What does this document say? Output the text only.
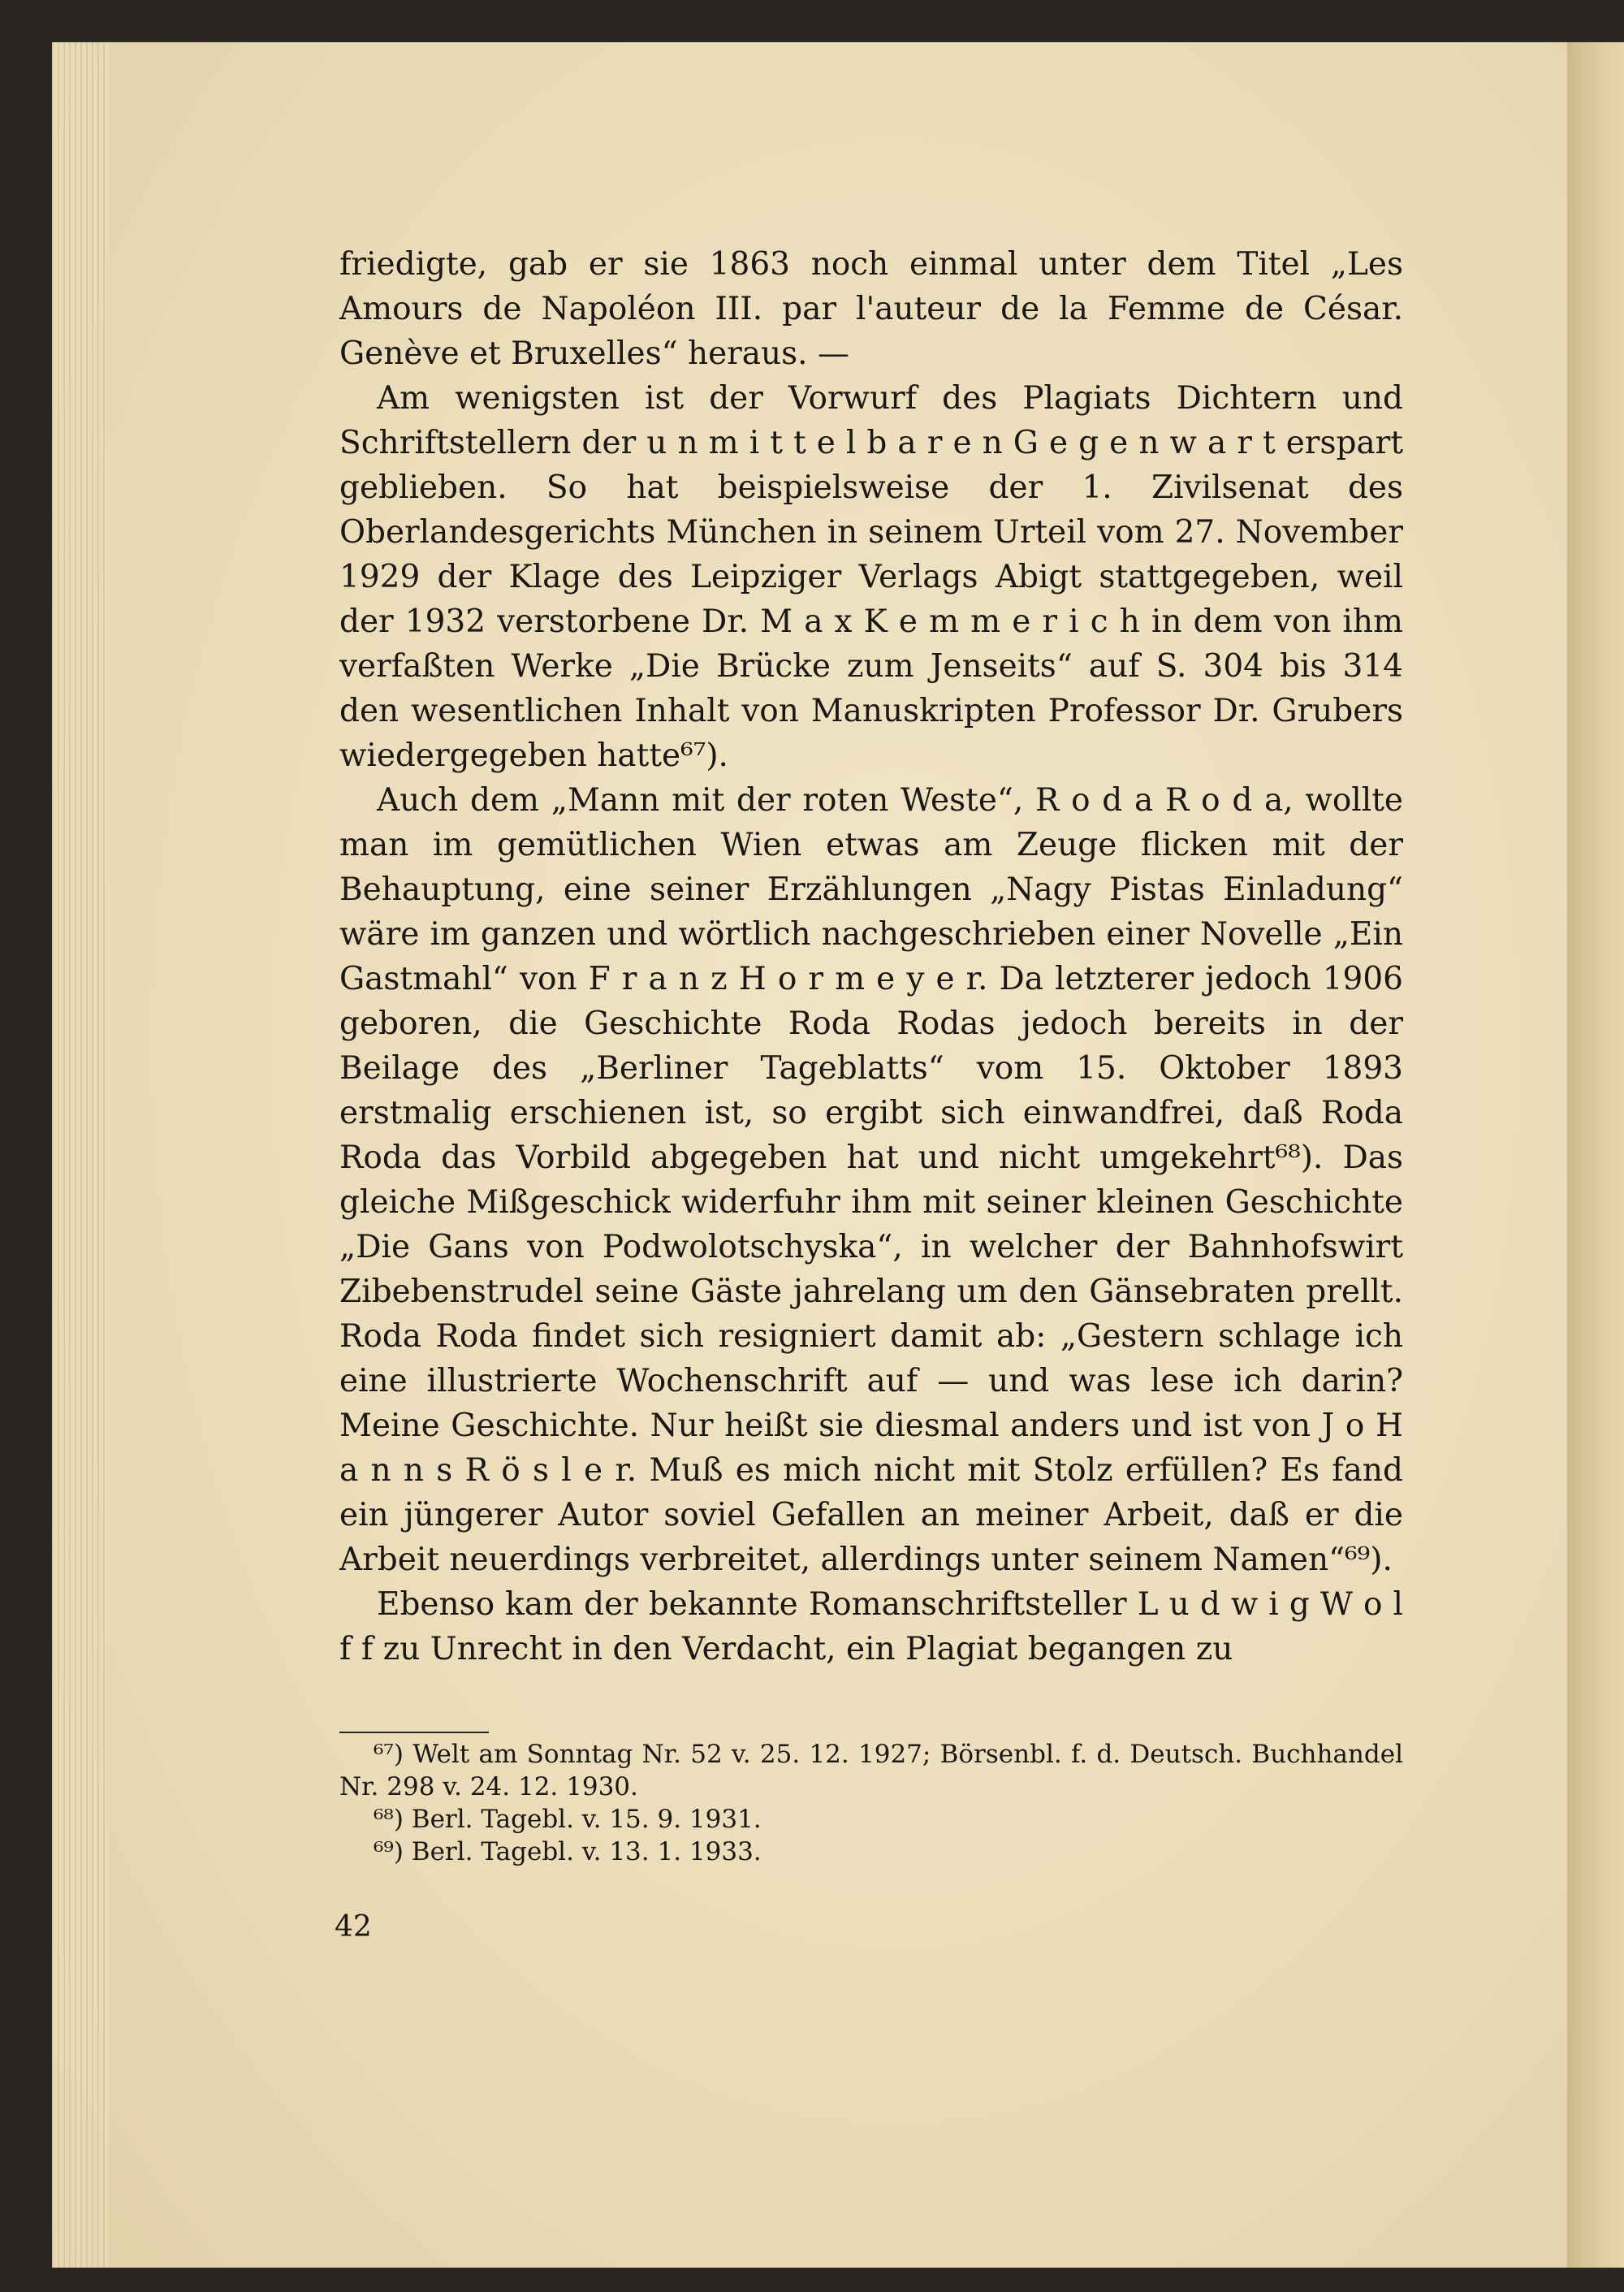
friedigte, gab er sie 1863 noch einmal unter dem Titel „Les Amours de Napoléon III. par l'auteur de la Femme de César. Genève et Bruxelles“ heraus. —

Am wenigsten ist der Vorwurf des Plagiats Dichtern und Schriftstellern der u n m i t t e l b a r e n G e g e n w a r t erspart geblieben. So hat beispielsweise der 1. Zivilsenat des Oberlandesgerichts München in seinem Urteil vom 27. November 1929 der Klage des Leipziger Verlags Abigt stattgegeben, weil der 1932 verstorbene Dr. M a x K e m m e r i c h in dem von ihm verfaßten Werke „Die Brücke zum Jenseits“ auf S. 304 bis 314 den wesentlichen Inhalt von Manuskripten Professor Dr. Grubers wiedergegeben hatte⁶⁷).

Auch dem „Mann mit der roten Weste“, R o d a R o d a, wollte man im gemütlichen Wien etwas am Zeuge flicken mit der Behauptung, eine seiner Erzählungen „Nagy Pistas Einladung“ wäre im ganzen und wörtlich nachgeschrieben einer Novelle „Ein Gastmahl“ von F r a n z H o r m e y e r. Da letzterer jedoch 1906 geboren, die Geschichte Roda Rodas jedoch bereits in der Beilage des „Berliner Tageblatts“ vom 15. Oktober 1893 erstmalig erschienen ist, so ergibt sich einwandfrei, daß Roda Roda das Vorbild abgegeben hat und nicht umgekehrt⁶⁸). Das gleiche Mißgeschick widerfuhr ihm mit seiner kleinen Geschichte „Die Gans von Podwolotschyska“, in welcher der Bahnhofswirt Zibebenstrudel seine Gäste jahrelang um den Gänsebraten prellt. Roda Roda findet sich resigniert damit ab: „Gestern schlage ich eine illustrierte Wochenschrift auf — und was lese ich darin? Meine Geschichte. Nur heißt sie diesmal anders und ist von J o H a n n s R ö s l e r. Muß es mich nicht mit Stolz erfüllen? Es fand ein jüngerer Autor soviel Gefallen an meiner Arbeit, daß er die Arbeit neuerdings verbreitet, allerdings unter seinem Namen“⁶⁹).

Ebenso kam der bekannte Romanschriftsteller L u d w i g W o l f f zu Unrecht in den Verdacht, ein Plagiat begangen zu

⁶⁷) Welt am Sonntag Nr. 52 v. 25. 12. 1927; Börsenbl. f. d. Deutsch. Buchhandel Nr. 298 v. 24. 12. 1930.

⁶⁸) Berl. Tagebl. v. 15. 9. 1931.

⁶⁹) Berl. Tagebl. v. 13. 1. 1933.

42
